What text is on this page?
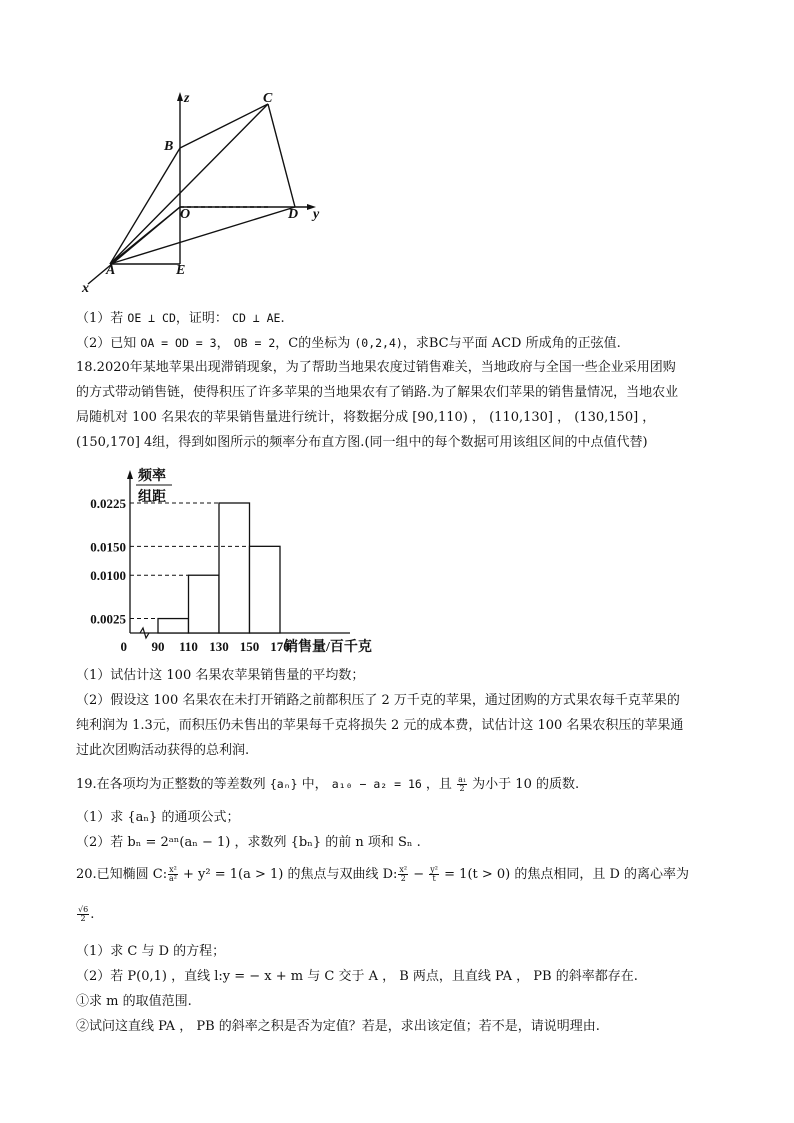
z
y
x
B
C
O	D
A	E
（1）若 OE ⊥ CD，证明： CD ⊥ AE.
（2）已知 OA = OD = 3， OB = 2，C的坐标为 (0,2,4)，求BC与平面 ACD 所成角的正弦值.
18.2020年某地苹果出现滞销现象，为了帮助当地果农度过销售难关，当地政府与全国一些企业采用团购
的方式带动销售链，使得积压了许多苹果的当地果农有了销路.为了解果农们苹果的销售量情况，当地农业
局随机对 100 名果农的苹果销售量进行统计，将数据分成 [90,110) ， (110,130] ， (130,150] ，
(150,170] 4组，得到如图所示的频率分布直方图.(同一组中的每个数据可用该组区间的中点值代替)
0.0225
0.0150
0.0100
0.0025
90 110 130 150 170
0	销售量/百千克
频率
组距
（1）试估计这 100 名果农苹果销售量的平均数；
（2）假设这 100 名果农在未打开销路之前都积压了 2 万千克的苹果，通过团购的方式果农每千克苹果的
纯利润为 1.3元，而积压仍未售出的苹果每千克将损失 2 元的成本费，试估计这 100 名果农积压的苹果通
过此次团购活动获得的总利润.
19.在各项均为正整数的等差数列 {aₙ} 中， a₁₀ − a₂ = 16 ，且 $\frac{\text{a₁}}{2}$ 为小于 10 的质数.
（1）求 {aₙ} 的通项公式；
（2）若 bₙ = 2ᵃⁿ(aₙ − 1) ，求数列 {bₙ} 的前 n 项和 Sₙ .
20.已知椭圆 C: $\frac{\text{x²}}{\text{a²}} + y^2 = 1(a > 1)$ 的焦点与双曲线 D: $\frac{\text{x²}}{2} - \frac{\text{y²}}{t} = 1(t > 0)$ 的焦点相同，且 D 的离心率为
$\frac{√6}{2}$ .
（1）求 C 与 D 的方程；
（2）若 P(0,1) ，直线 l:y = − x + m 与 C 交于 A ， B 两点，且直线 PA ， PB 的斜率都存在.
①求 m 的取值范围.
②试问这直线 PA ， PB 的斜率之积是否为定值？若是，求出该定值；若不是，请说明理由.
